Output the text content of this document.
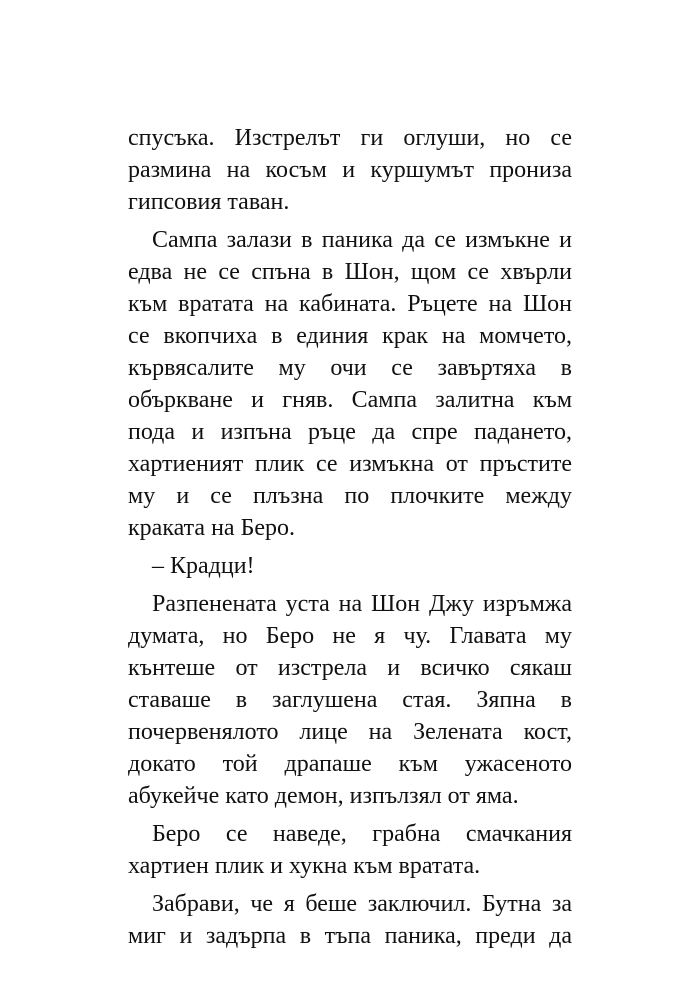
спусъка. Изстрелът ги оглуши, но се
размина на косъм и куршумът прониза
гипсовия таван.
Сампа залази в паника да се измъкне и
едва не се спъна в Шон, щом се хвърли
към вратата на кабината. Ръцете на Шон
се вкопчиха в единия крак на момчето,
кървясалите му очи се завъртяха в
объркване и гняв. Сампа залитна към
пода и изпъна ръце да спре падането,
хартиеният плик се измъкна от пръстите
му и се плъзна по плочките между
краката на Беро.
– Крадци!
Разпенената уста на Шон Джу изръмжа
думата, но Беро не я чу. Главата му
кънтеше от изстрела и всичко сякаш
ставаше в заглушена стая. Зяпна в
почервенялото лице на Зелената кост,
докато той драпаше към ужасеното
абукейче като демон, изпълзял от яма.
Беро се наведе, грабна смачкания
хартиен плик и хукна към вратата.
Забрави, че я беше заключил. Бутна за
миг и задърпа в тъпа паника, преди да
